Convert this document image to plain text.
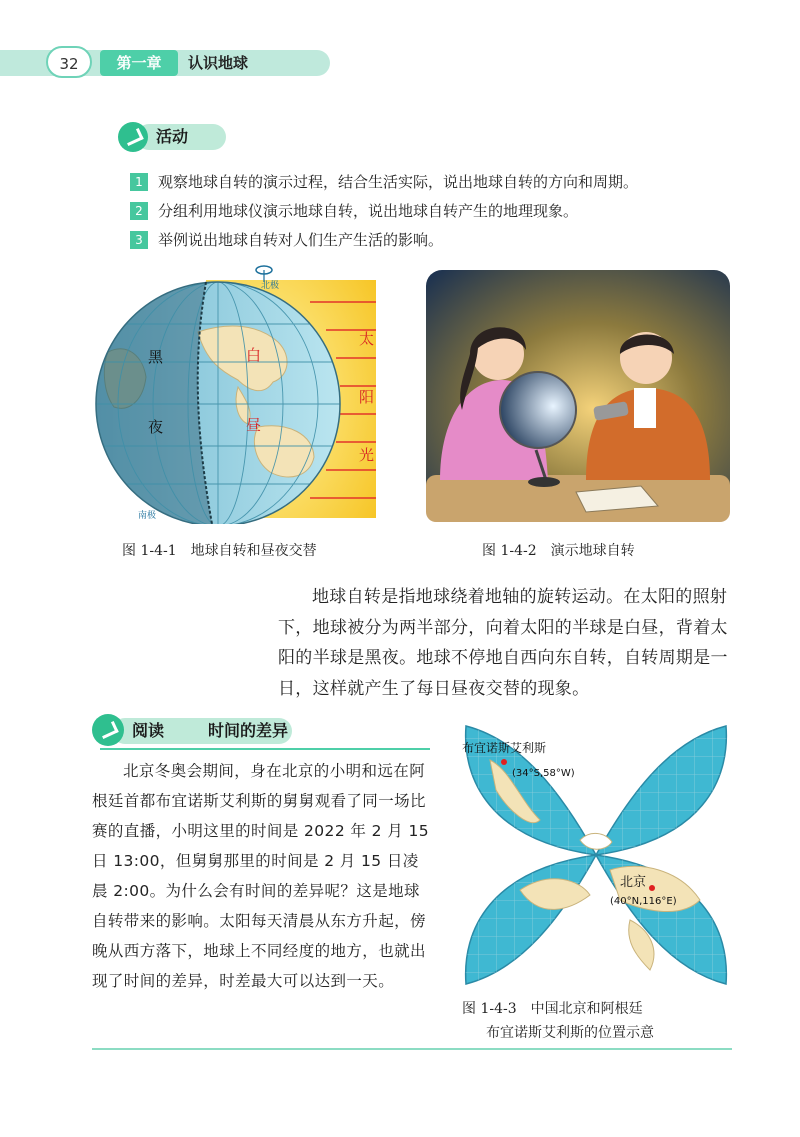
32	第一章	认识地球
活动
1 观察地球自转的演示过程，结合生活实际，说出地球自转的方向和周期。
2 分组利用地球仪演示地球自转，说出地球自转产生的地理现象。
3 举例说出地球自转对人们生产生活的影响。
北极
南极
黑
夜
白
昼
太
阳
光
图 1-4-1　地球自转和昼夜交替	图 1-4-2　演示地球自转
地球自转是指地球绕着地轴的旋转运动。在太阳的照射下，地球被分为两半部分，向着太阳的半球是白昼，背着太阳的半球是黑夜。地球不停地自西向东自转，自转周期是一日，这样就产生了每日昼夜交替的现象。
阅读	时间的差异
北京冬奥会期间，身在北京的小明和远在阿根廷首都布宜诺斯艾利斯的舅舅观看了同一场比赛的直播，小明这里的时间是 2022 年 2 月 15 日 13:00，但舅舅那里的时间是 2 月 15 日凌晨 2:00。为什么会有时间的差异呢？这是地球自转带来的影响。太阳每天清晨从东方升起，傍晚从西方落下，地球上不同经度的地方，也就出现了时间的差异，时差最大可以达到一天。
布宜诺斯艾利斯
(34°S,58°W)
北京
(40°N,116°E)
图 1-4-3　中国北京和阿根廷
布宜诺斯艾利斯的位置示意
